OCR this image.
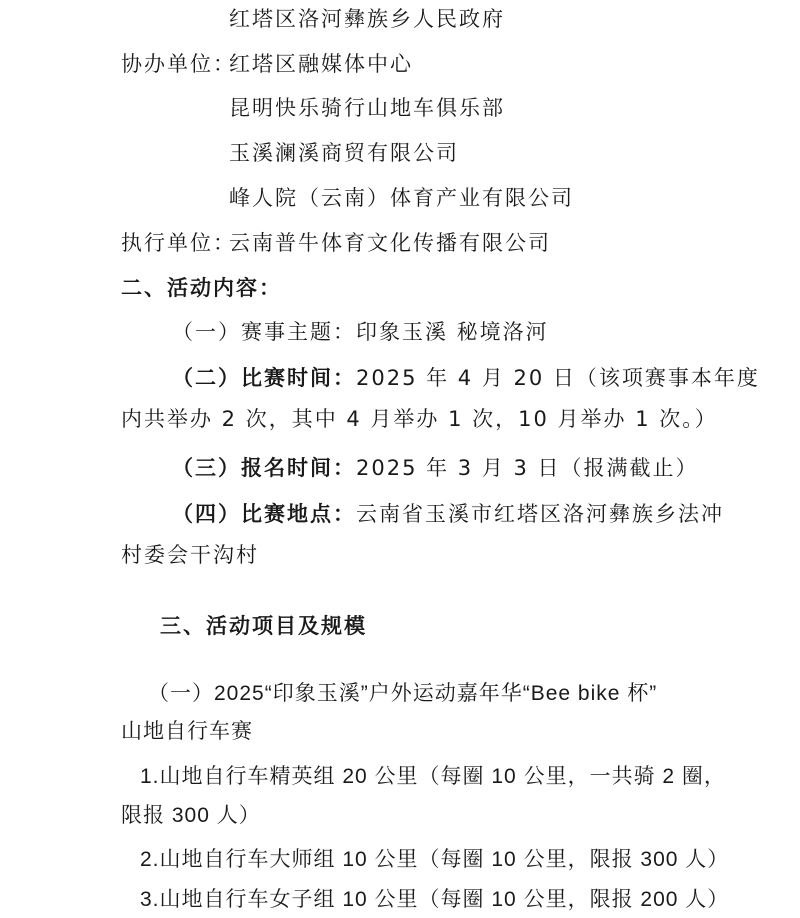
红塔区洛河彝族乡人民政府
协办单位：
红塔区融媒体中心
昆明快乐骑行山地车俱乐部
玉溪澜溪商贸有限公司
峰人院（云南）体育产业有限公司
执行单位：
云南普牛体育文化传播有限公司
二、活动内容：
（一）赛事主题：印象玉溪 秘境洛河
（二）比赛时间：2025 年 4 月 20 日（该项赛事本年度
内共举办 2 次，其中 4 月举办 1 次，10 月举办 1 次。）
（三）报名时间：2025 年 3 月 3 日（报满截止）
（四）比赛地点：云南省玉溪市红塔区洛河彝族乡法冲
村委会干沟村
三、活动项目及规模
（一）2025“印象玉溪”户外运动嘉年华“Bee bike 杯”
山地自行车赛
1.山地自行车精英组 20 公里（每圈 10 公里，一共骑 2 圈，
限报 300 人）
2.山地自行车大师组 10 公里（每圈 10 公里，限报 300 人）
3.山地自行车女子组 10 公里（每圈 10 公里，限报 200 人）
